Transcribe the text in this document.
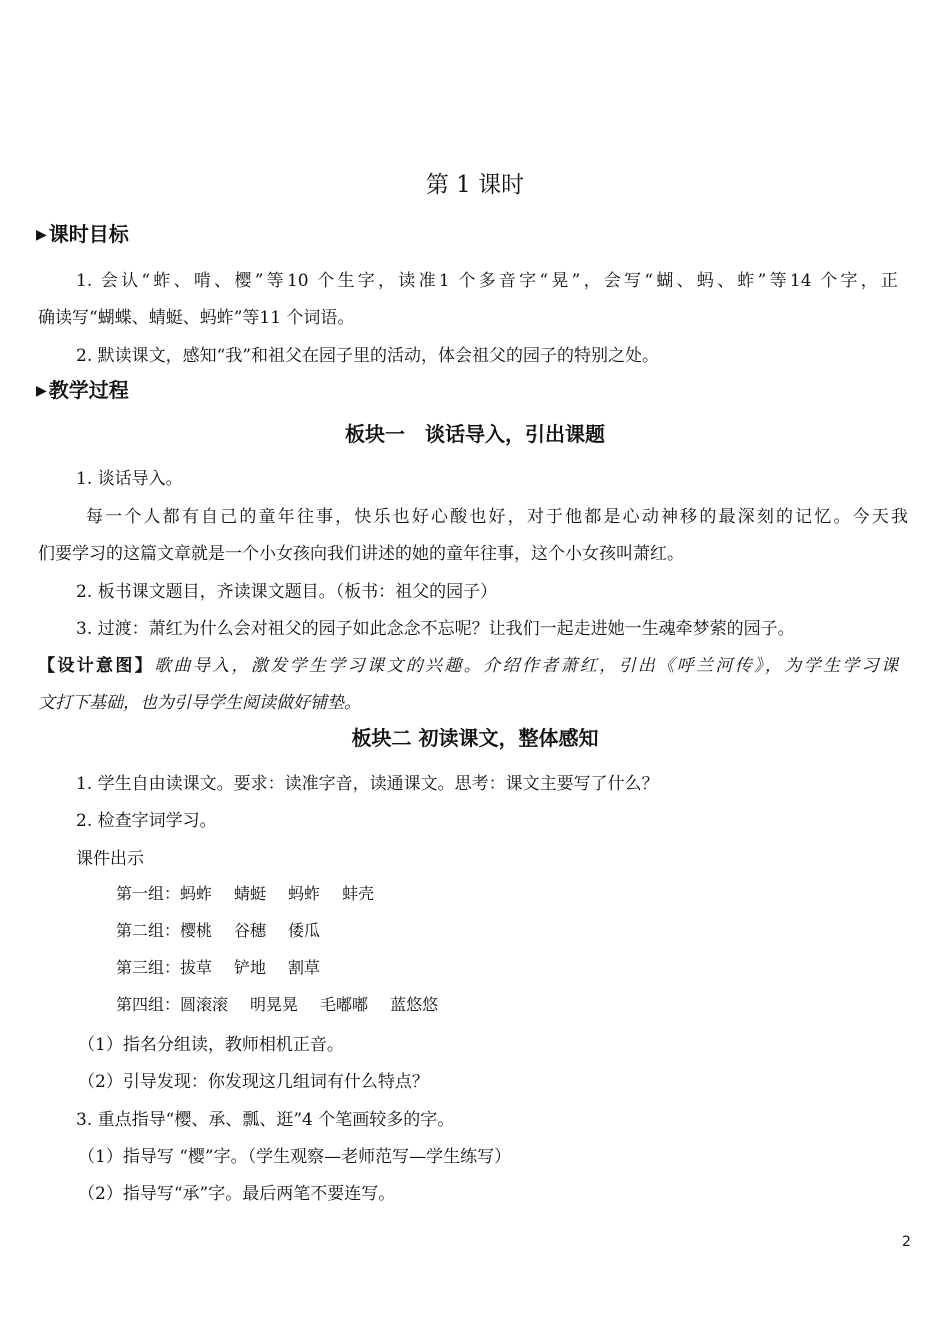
第 1 课时
▶ 课时目标
1. 会认“蚱、啃、樱”等10 个生字，读准1 个多音字“晃”，会写“蝴、蚂、蚱”等14 个字，正
确读写“蝴蝶、蜻蜓、蚂蚱”等11 个词语。
2. 默读课文，感知“我”和祖父在园子里的活动，体会祖父的园子的特别之处。
▶ 教学过程
板块一　谈话导入，引出课题
1. 谈话导入。
每一个人都有自己的童年往事，快乐也好心酸也好，对于他都是心动神移的最深刻的记忆。今天我
们要学习的这篇文章就是一个小女孩向我们讲述的她的童年往事，这个小女孩叫萧红。
2. 板书课文题目，齐读课文题目。（板书：祖父的园子）
3. 过渡：萧红为什么会对祖父的园子如此念念不忘呢？让我们一起走进她一生魂牵梦萦的园子。
【设计意图】歌曲导入，激发学生学习课文的兴趣。介绍作者萧红，引出《呼兰河传》，为学生学习课
文打下基础，也为引导学生阅读做好铺垫。
板块二 初读课文，整体感知
1. 学生自由读课文。要求：读准字音，读通课文。思考：课文主要写了什么？
2. 检查字词学习。
课件出示
第一组：蚂蚱 蜻蜓 蚂蚱 蚌壳
第二组：樱桃 谷穗 倭瓜
第三组：拔草 铲地 割草
第四组：圆滚滚 明晃晃 毛嘟嘟 蓝悠悠
（1）指名分组读，教师相机正音。
（2）引导发现：你发现这几组词有什么特点？
3. 重点指导“樱、承、瓢、逛”4 个笔画较多的字。
（1）指导写 “樱”字。（学生观察—老师范写—学生练写）
（2）指导写“承”字。最后两笔不要连写。
2
